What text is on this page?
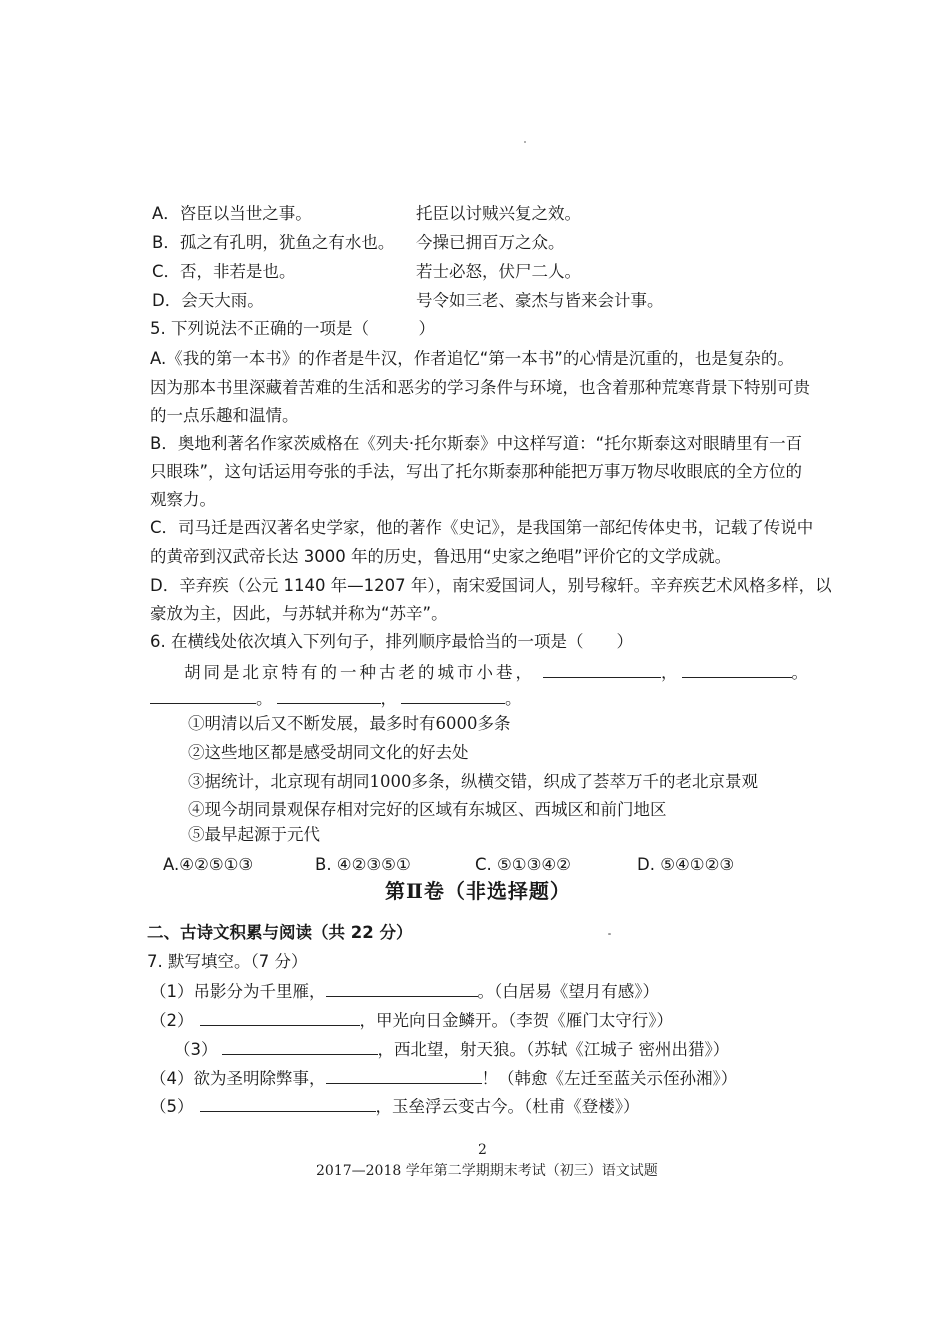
A．咨臣以当世之事。	托臣以讨贼兴复之效。
B．孤之有孔明，犹鱼之有水也。 今操已拥百万之众。
C．否，非若是也。	若士必怒，伏尸二人。
D．会天大雨。	号令如三老、豪杰与皆来会计事。
5. 下列说法不正确的一项是（　　　）
A.《我的第一本书》的作者是牛汉，作者追忆“第一本书”的心情是沉重的，也是复杂的。
因为那本书里深藏着苦难的生活和恶劣的学习条件与环境，也含着那种荒寒背景下特别可贵
的一点乐趣和温情。
B．奥地利著名作家茨威格在《列夫·托尔斯泰》中这样写道：“托尔斯泰这对眼睛里有一百
只眼珠”，这句话运用夸张的手法，写出了托尔斯泰那种能把万事万物尽收眼底的全方位的
观察力。
C．司马迁是西汉著名史学家，他的著作《史记》，是我国第一部纪传体史书，记载了传说中
的黄帝到汉武帝长达 3000 年的历史，鲁迅用“史家之绝唱”评价它的文学成就。
D．辛弃疾（公元 1140 年—1207 年），南宋爱国词人，别号稼轩。辛弃疾艺术风格多样，以
豪放为主，因此，与苏轼并称为“苏辛”。
6. 在横线处依次填入下列句子，排列顺序最恰当的一项是（　　）
胡同是北京特有的一种古老的城市小巷，	，	。
。	，	。
①明清以后又不断发展，最多时有6000多条
②这些地区都是感受胡同文化的好去处
③据统计，北京现有胡同1000多条，纵横交错，织成了荟萃万千的老北京景观
④现今胡同景观保存相对完好的区域有东城区、西城区和前门地区
⑤最早起源于元代
A.④②⑤①③	B. ④②③⑤①	C. ⑤①③④②	D. ⑤④①②③
第Ⅱ卷（非选择题）
二、古诗文积累与阅读（共 22 分）
7. 默写填空。（7 分）
（1）吊影分为千里雁，	。（白居易《望月有感》）
（2）	，甲光向日金鳞开。（李贺《雁门太守行》）
（3）	，西北望，射天狼。（苏轼《江城子 密州出猎》）
（4）欲为圣明除弊事，	！（韩愈《左迁至蓝关示侄孙湘》）
（5）	，玉垒浮云变古今。（杜甫《登楼》）
2
2017—2018 学年第二学期期末考试（初三）语文试题
